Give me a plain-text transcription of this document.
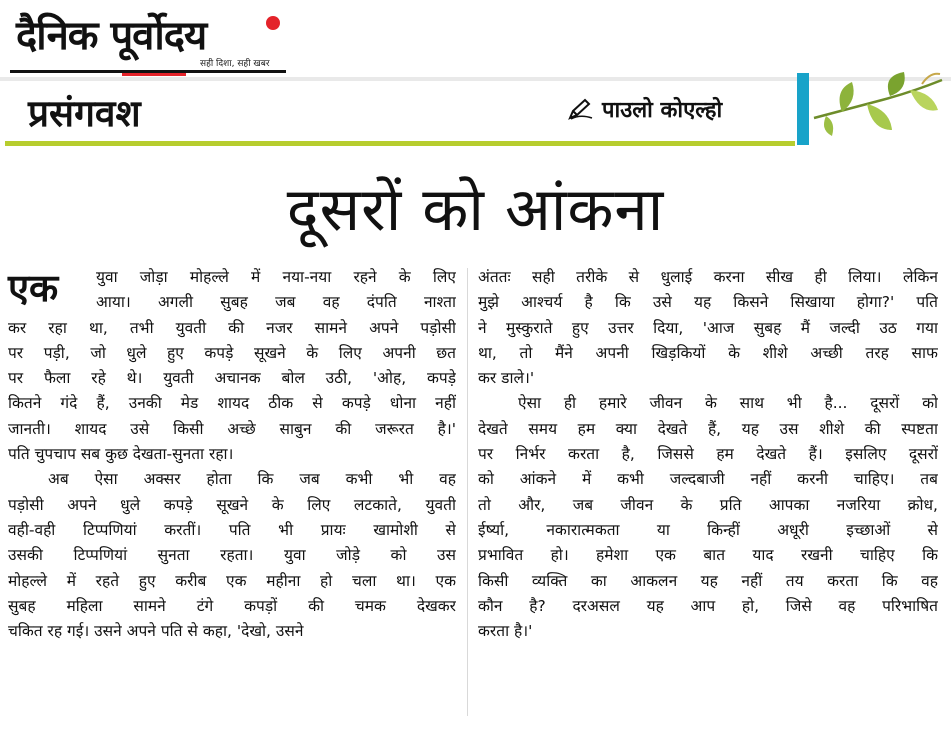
दैनिक पूर्वोदय
सही दिशा, सही खबर
प्रसंगवश	पाउलो कोएल्हो
दूसरों को आंकना
एक	युवा जोड़ा मोहल्ले में नया-नया रहने के लिए
आया। अगली सुबह जब वह दंपति नाश्ता
कर रहा था, तभी युवती की नजर सामने अपने पड़ोसी
पर पड़ी, जो धुले हुए कपड़े सूखने के लिए अपनी छत
पर फैला रहे थे। युवती अचानक बोल उठी, 'ओह, कपड़े
कितने गंदे हैं, उनकी मेड शायद ठीक से कपड़े धोना नहीं
जानती। शायद उसे किसी अच्छे साबुन की जरूरत है।'
पति चुपचाप सब कुछ देखता-सुनता रहा।
अब ऐसा अक्सर होता कि जब कभी भी वह
पड़ोसी अपने धुले कपड़े सूखने के लिए लटकाते, युवती
वही-वही टिप्पणियां करतीं। पति भी प्रायः खामोशी से
उसकी टिप्पणियां सुनता रहता। युवा जोड़े को उस
मोहल्ले में रहते हुए करीब एक महीना हो चला था। एक
सुबह महिला सामने टंगे कपड़ों की चमक देखकर
चकित रह गई। उसने अपने पति से कहा, 'देखो, उसने
अंततः सही तरीके से धुलाई करना सीख ही लिया। लेकिन
मुझे आश्चर्य है कि उसे यह किसने सिखाया होगा?' पति
ने मुस्कुराते हुए उत्तर दिया, 'आज सुबह मैं जल्दी उठ गया
था, तो मैंने अपनी खिड़कियों के शीशे अच्छी तरह साफ
कर डाले।'
ऐसा ही हमारे जीवन के साथ भी है... दूसरों को
देखते समय हम क्या देखते हैं, यह उस शीशे की स्पष्टता
पर निर्भर करता है, जिससे हम देखते हैं। इसलिए दूसरों
को आंकने में कभी जल्दबाजी नहीं करनी चाहिए। तब
तो और, जब जीवन के प्रति आपका नजरिया क्रोध,
ईर्ष्या, नकारात्मकता या किन्हीं अधूरी इच्छाओं से
प्रभावित हो। हमेशा एक बात याद रखनी चाहिए कि
किसी व्यक्ति का आकलन यह नहीं तय करता कि वह
कौन है? दरअसल यह आप हो, जिसे वह परिभाषित
करता है।'
